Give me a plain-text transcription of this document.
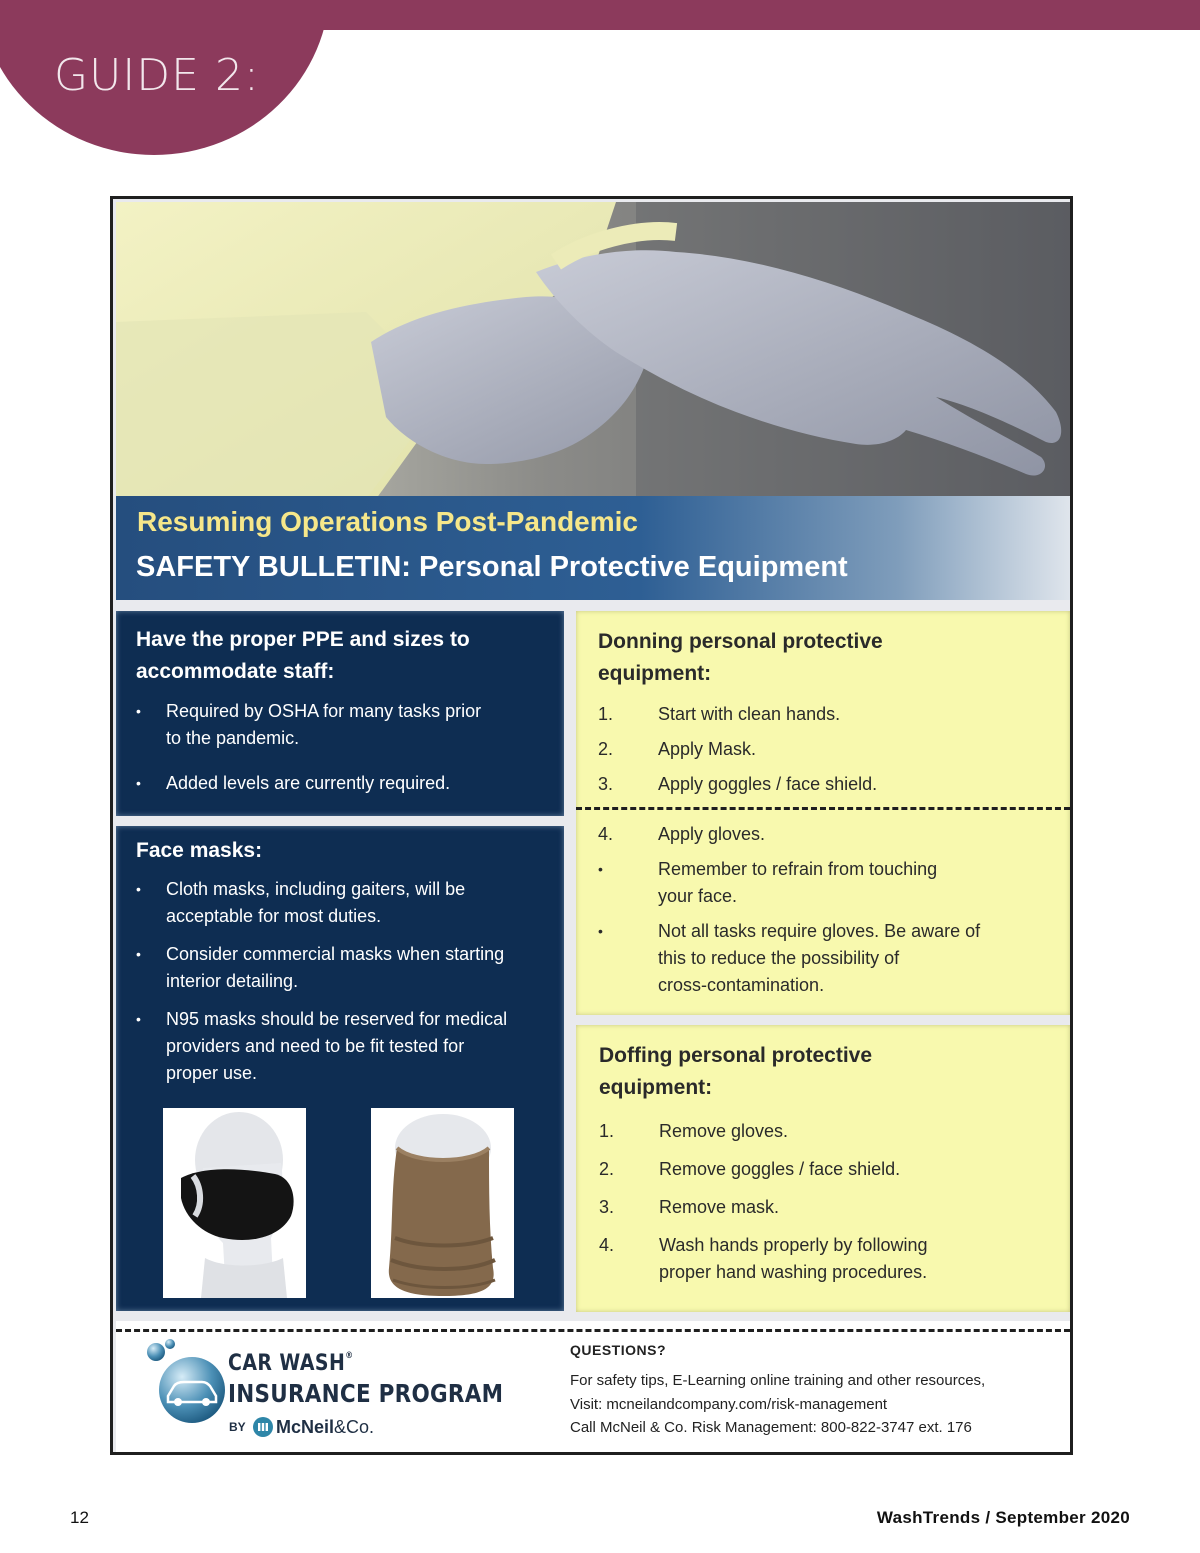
GUIDE 2:
Resuming Operations Post-Pandemic
SAFETY BULLETIN: Personal Protective Equipment
Have the proper PPE and sizes to
accommodate staff:
• Required by OSHA for many tasks prior
to the pandemic.
• Added levels are currently required.
Face masks:
• Cloth masks, including gaiters, will be
acceptable for most duties.
• Consider commercial masks when starting
interior detailing.
• N95 masks should be reserved for medical
providers and need to be fit tested for
proper use.
Donning personal protective
equipment:
1. Start with clean hands.
2. Apply Mask.
3. Apply goggles / face shield.
4. Apply gloves.
•	Remember to refrain from touching
your face.
•	Not all tasks require gloves. Be aware of
this to reduce the possibility of
cross-contamination.
Doffing personal protective
equipment:
1. Remove gloves.
2. Remove goggles / face shield.
3. Remove mask.
4. Wash hands properly by following
proper hand washing procedures.
CAR WASH®
INSURANCE PROGRAM
BY McNeil&Co.
QUESTIONS?
For safety tips, E-Learning online training and other resources,
Visit: mcneilandcompany.com/risk-management
Call McNeil & Co. Risk Management: 800-822-3747 ext. 176
12	WashTrends / September 2020
